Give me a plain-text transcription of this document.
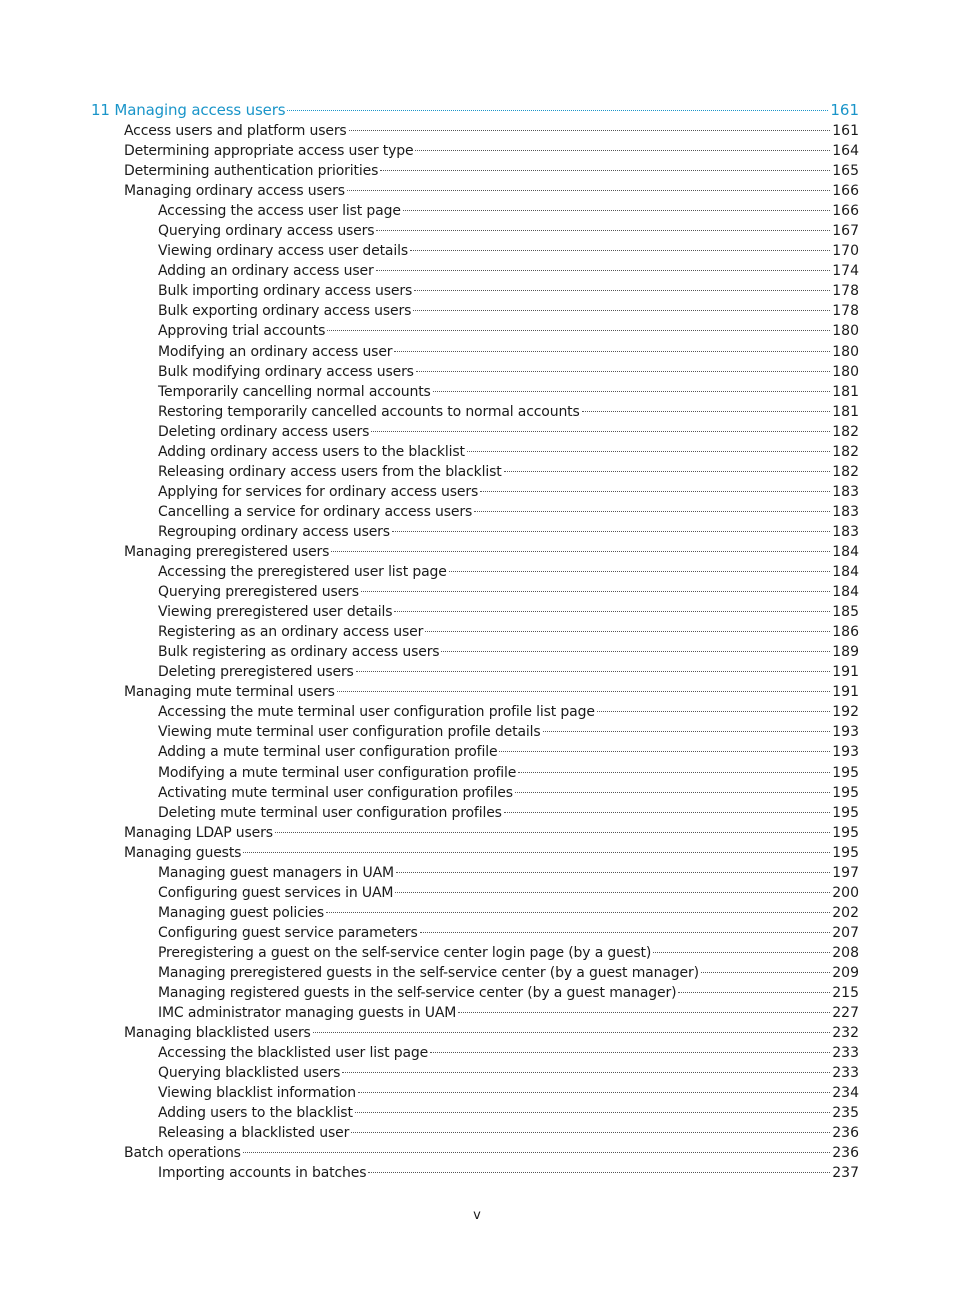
11 Managing access users	161
Access users and platform users	161
Determining appropriate access user type	164
Determining authentication priorities	165
Managing ordinary access users	166
Accessing the access user list page	166
Querying ordinary access users	167
Viewing ordinary access user details	170
Adding an ordinary access user	174
Bulk importing ordinary access users	178
Bulk exporting ordinary access users	178
Approving trial accounts	180
Modifying an ordinary access user	180
Bulk modifying ordinary access users	180
Temporarily cancelling normal accounts	181
Restoring temporarily cancelled accounts to normal accounts	181
Deleting ordinary access users	182
Adding ordinary access users to the blacklist	182
Releasing ordinary access users from the blacklist	182
Applying for services for ordinary access users	183
Cancelling a service for ordinary access users	183
Regrouping ordinary access users	183
Managing preregistered users	184
Accessing the preregistered user list page	184
Querying preregistered users	184
Viewing preregistered user details	185
Registering as an ordinary access user	186
Bulk registering as ordinary access users	189
Deleting preregistered users	191
Managing mute terminal users	191
Accessing the mute terminal user configuration profile list page	192
Viewing mute terminal user configuration profile details	193
Adding a mute terminal user configuration profile	193
Modifying a mute terminal user configuration profile	195
Activating mute terminal user configuration profiles	195
Deleting mute terminal user configuration profiles	195
Managing LDAP users	195
Managing guests	195
Managing guest managers in UAM	197
Configuring guest services in UAM	200
Managing guest policies	202
Configuring guest service parameters	207
Preregistering a guest on the self-service center login page (by a guest)	208
Managing preregistered guests in the self-service center (by a guest manager)	209
Managing registered guests in the self-service center (by a guest manager)	215
IMC administrator managing guests in UAM	227
Managing blacklisted users	232
Accessing the blacklisted user list page	233
Querying blacklisted users	233
Viewing blacklist information	234
Adding users to the blacklist	235
Releasing a blacklisted user	236
Batch operations	236
Importing accounts in batches	237
v
